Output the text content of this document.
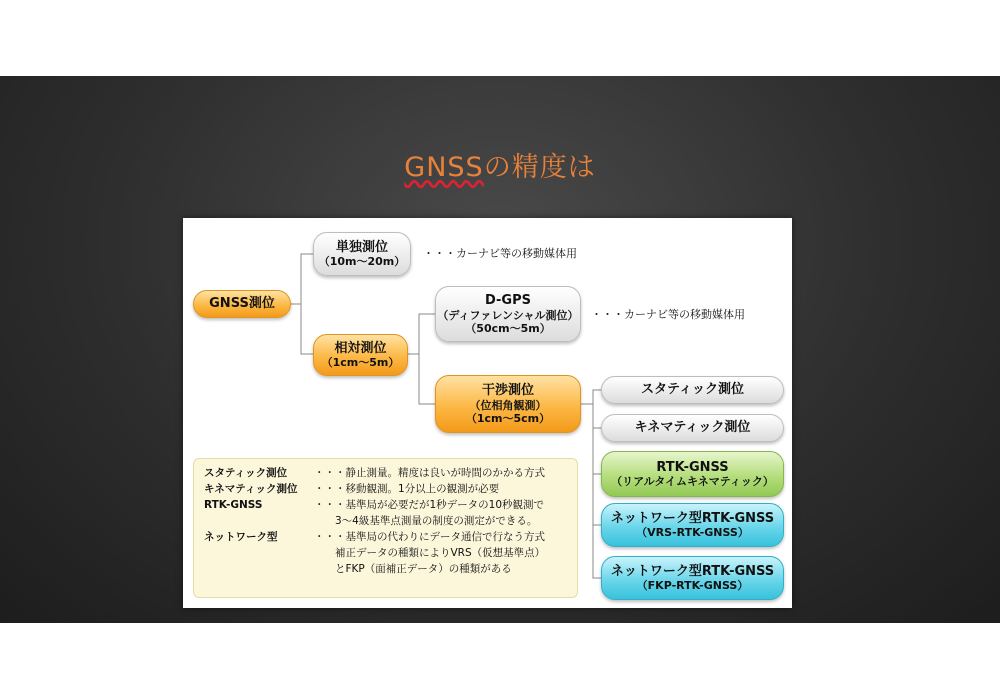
GNSSの精度は
GNSS測位
単独測位
（10m～20m）
・・・カーナビ等の移動媒体用
相対測位
（1cm～5m）
D-GPS
（ディファレンシャル測位）
（50cm～5m）
・・・カーナビ等の移動媒体用
干渉測位
（位相角観測）
（1cm～5cm）
スタティック測位
キネマティック測位
RTK-GNSS
（リアルタイムキネマティック）
ネットワーク型RTK-GNSS
（VRS-RTK-GNSS）
ネットワーク型RTK-GNSS
（FKP-RTK-GNSS）
スタティック測位	・・・静止測量。精度は良いが時間のかかる方式
キネマティック測位	・・・移動観測。1分以上の観測が必要
RTK-GNSS	・・・基準局が必要だが1秒データの10秒観測で
　　3～4級基準点測量の制度の測定ができる。
ネットワーク型	・・・基準局の代わりにデータ通信で行なう方式
　　補正データの種類によりVRS（仮想基準点）
　　とFKP（面補正データ）の種類がある
